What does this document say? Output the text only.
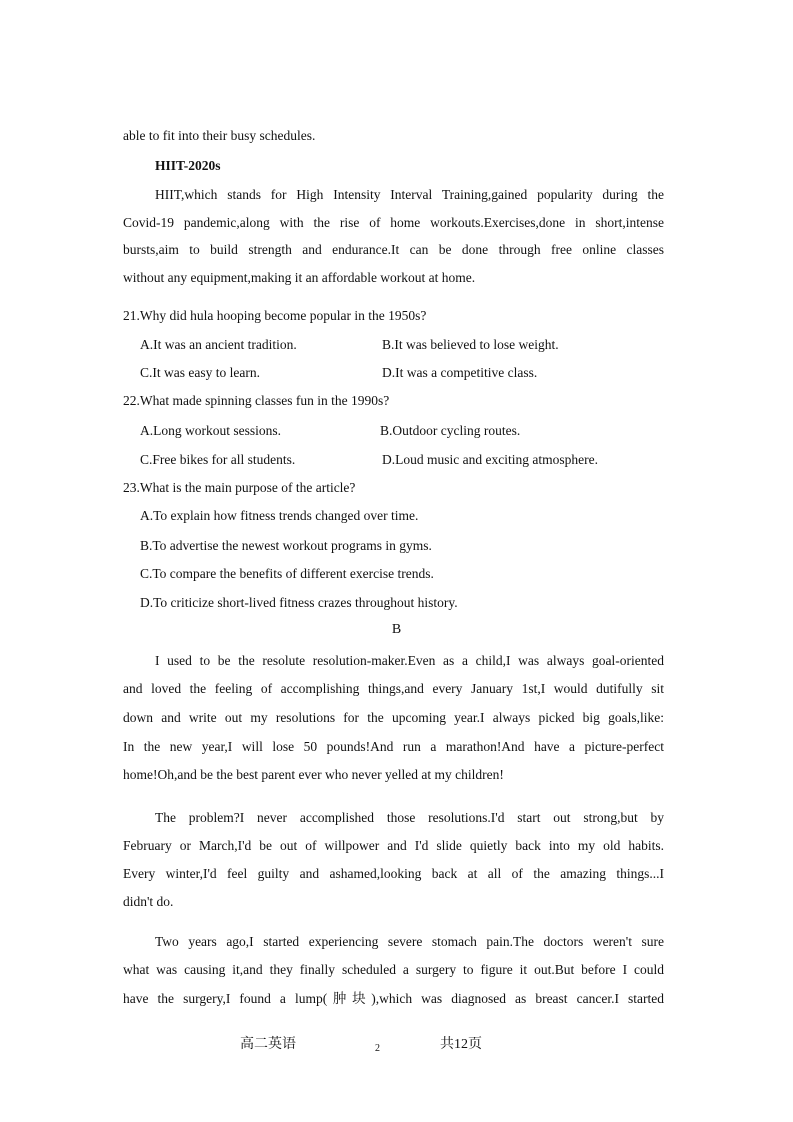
able to fit into their busy schedules.
HIIT-2020s
HIIT,which stands for High Intensity Interval Training,gained popularity during the
Covid-19 pandemic,along with the rise of home workouts.Exercises,done in short,intense
bursts,aim to build strength and endurance.It can be done through free online classes
without any equipment,making it an affordable workout at home.
21.Why did hula hooping become popular in the 1950s?
A.It was an ancient tradition.	B.It was believed to lose weight.
C.It was easy to learn.	D.It was a competitive class.
22.What made spinning classes fun in the 1990s?
A.Long workout sessions.	B.Outdoor cycling routes.
C.Free bikes for all students.	D.Loud music and exciting atmosphere.
23.What is the main purpose of the article?
A.To explain how fitness trends changed over time.
B.To advertise the newest workout programs in gyms.
C.To compare the benefits of different exercise trends.
D.To criticize short-lived fitness crazes throughout history.
B
I used to be the resolute resolution-maker.Even as a child,I was always goal-oriented
and loved the feeling of accomplishing things,and every January 1st,I would dutifully sit
down and write out my resolutions for the upcoming year.I always picked big goals,like:
In the new year,I will lose 50 pounds!And run a marathon!And have a picture-perfect
home!Oh,and be the best parent ever who never yelled at my children!
The problem?I never accomplished those resolutions.I'd start out strong,but by
February or March,I'd be out of willpower and I'd slide quietly back into my old habits.
Every winter,I'd feel guilty and ashamed,looking back at all of the amazing things...I
didn't do.
Two years ago,I started experiencing severe stomach pain.The doctors weren't sure
what was causing it,and they finally scheduled a surgery to figure it out.But before I could
have the surgery,I found a lump(肿块),which was diagnosed as breast cancer.I started
高二英语	2	共12页
